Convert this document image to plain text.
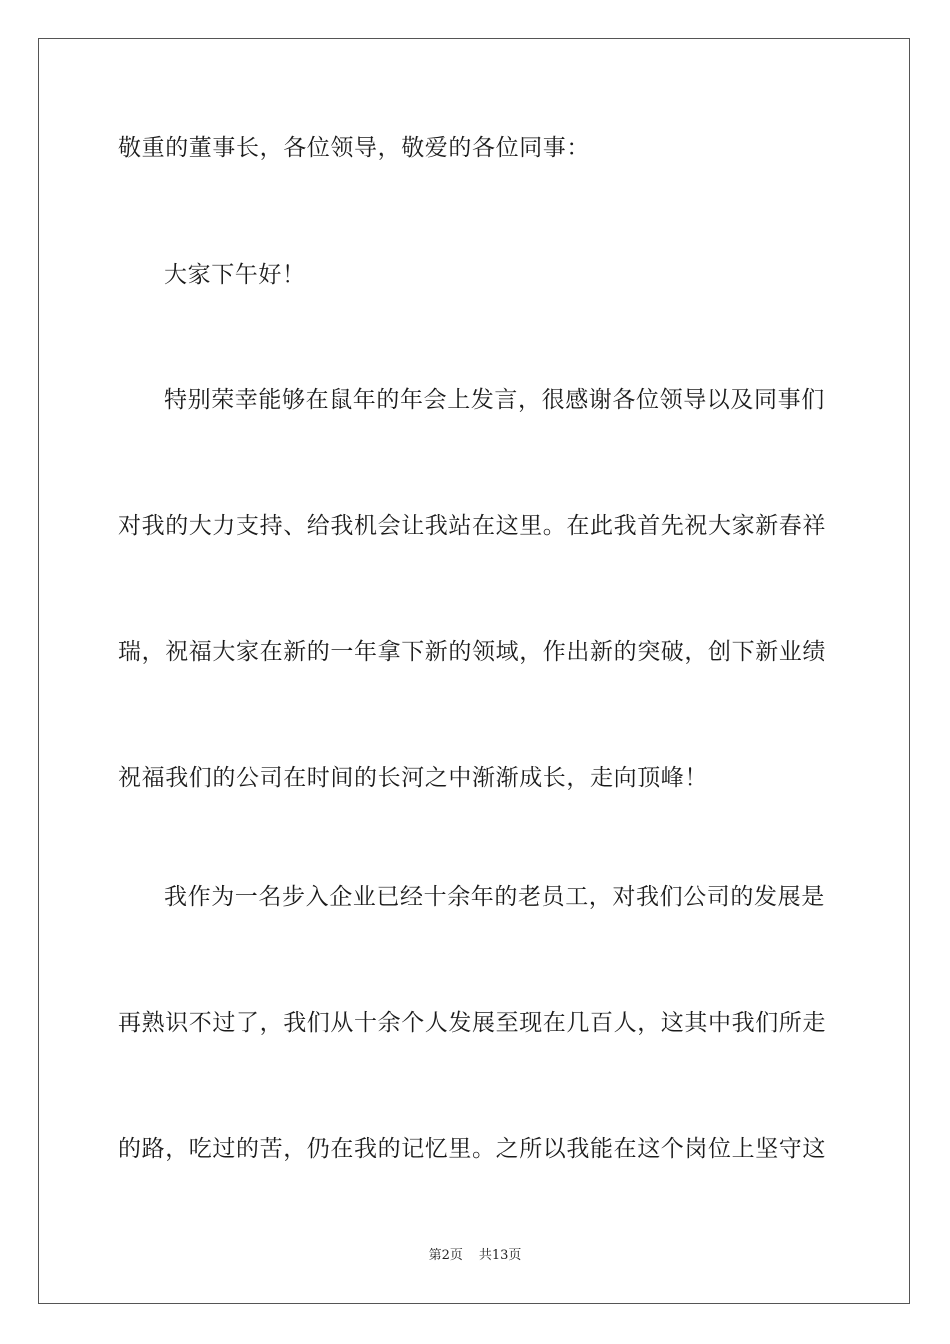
敬重的董事长，各位领导，敬爱的各位同事：
大家下午好！
特别荣幸能够在鼠年的年会上发言，很感谢各位领导以及同事们
对我的大力支持、给我机会让我站在这里。在此我首先祝大家新春祥
瑞，祝福大家在新的一年拿下新的领域，作出新的突破，创下新业绩
祝福我们的公司在时间的长河之中渐渐成长，走向顶峰！
我作为一名步入企业已经十余年的老员工，对我们公司的发展是
再熟识不过了，我们从十余个人发展至现在几百人，这其中我们所走
的路，吃过的苦，仍在我的记忆里。之所以我能在这个岗位上坚守这
第2页 共13页
